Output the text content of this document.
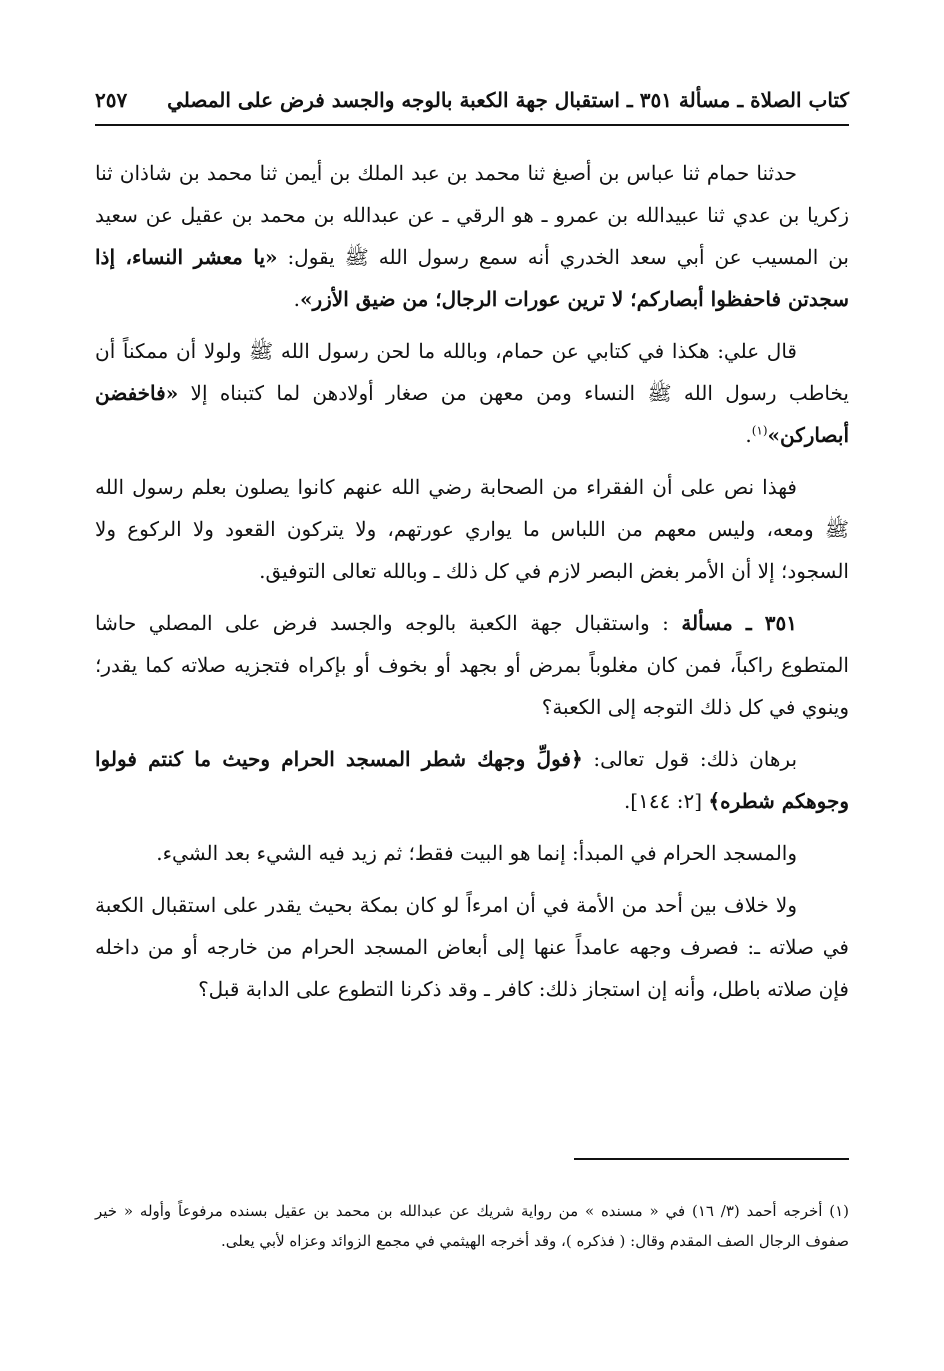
كتاب الصلاة ـ مسألة ٣٥١ ـ استقبال جهة الكعبة بالوجه والجسد فرض على المصلي
٢٥٧

حدثنا حمام ثنا عباس بن أصبغ ثنا محمد بن عبد الملك بن أيمن ثنا محمد بن شاذان ثنا زكريا بن عدي ثنا عبيدالله بن عمرو ـ هو الرقي ـ عن عبدالله بن محمد بن عقيل عن سعيد بن المسيب عن أبي سعد الخدري أنه سمع رسول الله ﷺ يقول: «يا معشر النساء، إذا سجدتن فاحفظوا أبصاركم؛ لا ترين عورات الرجال؛ من ضيق الأزر».

قال علي: هكذا في كتابي عن حمام، وبالله ما لحن رسول الله ﷺ ولولا أن ممكناً أن يخاطب رسول الله ﷺ النساء ومن معهن من صغار أولادهن لما كتبناه إلا «فاخفضن أبصاركن»$^{(١)}$.

فهذا نص على أن الفقراء من الصحابة رضي الله عنهم كانوا يصلون بعلم رسول الله ﷺ ومعه، وليس معهم من اللباس ما يواري عورتهم، ولا يتركون القعود ولا الركوع ولا السجود؛ إلا أن الأمر بغض البصر لازم في كل ذلك ـ وبالله تعالى التوفيق.

٣٥١ ـ مسألة : واستقبال جهة الكعبة بالوجه والجسد فرض على المصلي حاشا المتطوع راكباً، فمن كان مغلوباً بمرض أو بجهد أو بخوف أو بإكراه فتجزيه صلاته كما يقدر؛ وينوي في كل ذلك التوجه إلى الكعبة؟

برهان ذلك: قول تعالى: ﴿فولِّ وجهك شطر المسجد الحرام وحيث ما كنتم فولوا وجوهكم شطره﴾ [٢: ١٤٤].

والمسجد الحرام في المبدأ: إنما هو البيت فقط؛ ثم زيد فيه الشيء بعد الشيء.

ولا خلاف بين أحد من الأمة في أن امرءاً لو كان بمكة بحيث يقدر على استقبال الكعبة في صلاته ـ: فصرف وجهه عامداً عنها إلى أبعاض المسجد الحرام من خارجه أو من داخله فإن صلاته باطل، وأنه إن استجاز ذلك: كافر ـ وقد ذكرنا التطوع على الدابة قبل؟

(١) أخرجه أحمد (٣/ ١٦) في « مسنده » من رواية شريك عن عبدالله بن محمد بن عقيل بسنده مرفوعاً وأوله « خير صفوف الرجال الصف المقدم وقال: ( فذكره )، وقد أخرجه الهيثمي في مجمع الزوائد وعزاه لأبي يعلى.
